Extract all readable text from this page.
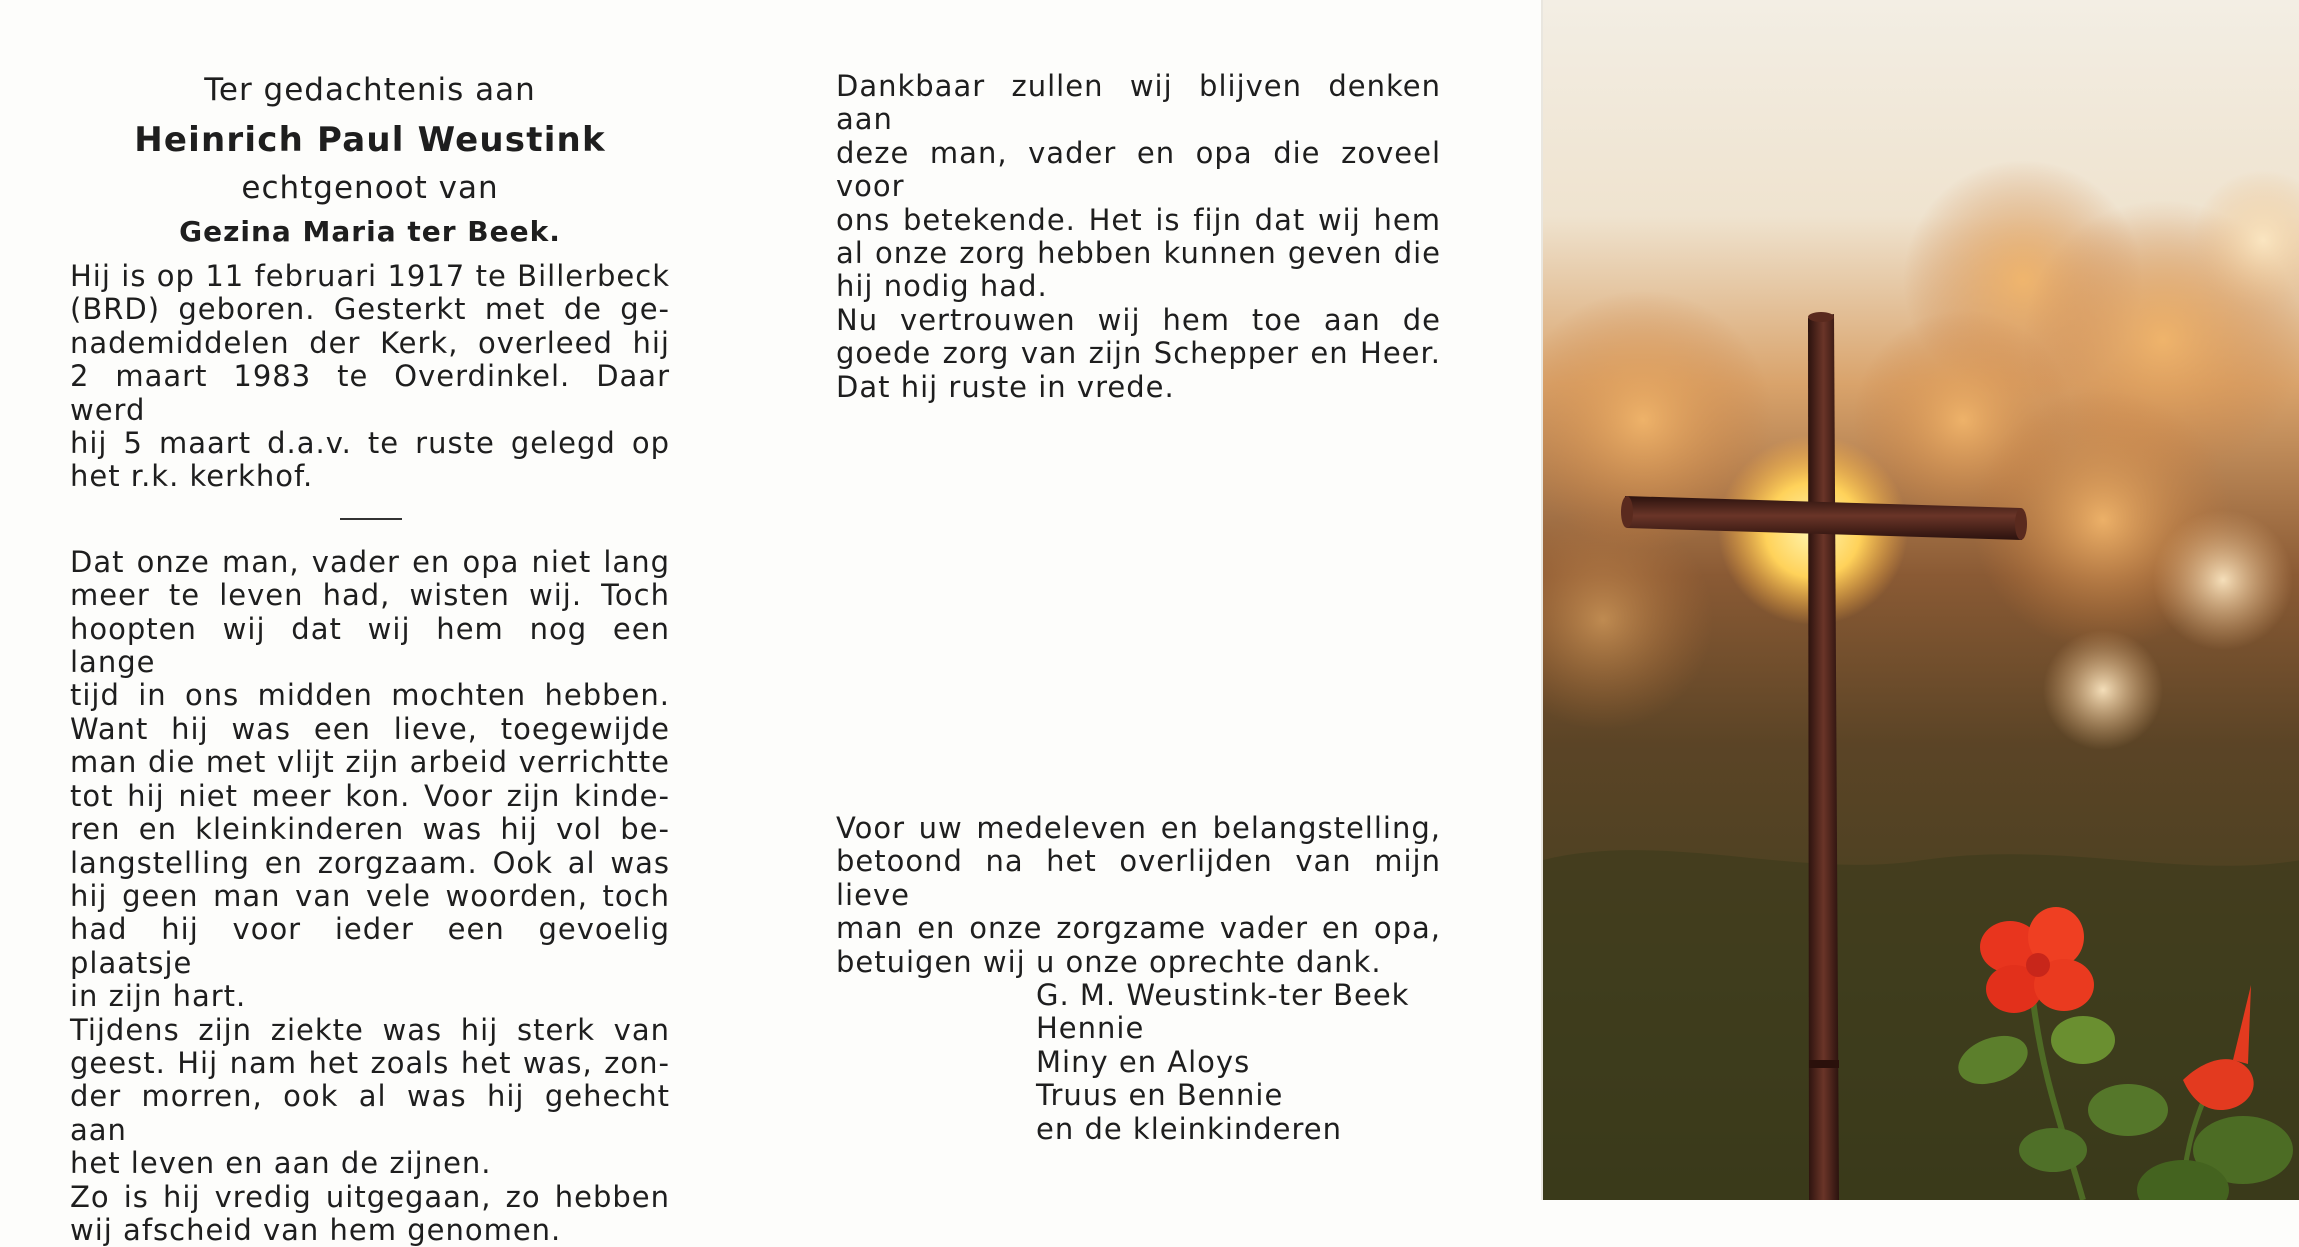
Ter gedachtenis aan
Heinrich Paul Weustink
echtgenoot van
Gezina Maria ter Beek.
Hij is op 11 februari 1917 te Billerbeck
(BRD) geboren. Gesterkt met de ge-
nademiddelen der Kerk, overleed hij
2 maart 1983 te Overdinkel. Daar werd
hij 5 maart d.a.v. te ruste gelegd op
het r.k. kerkhof.
Dat onze man, vader en opa niet lang
meer te leven had, wisten wij. Toch
hoopten wij dat wij hem nog een lange
tijd in ons midden mochten hebben.
Want hij was een lieve, toegewijde
man die met vlijt zijn arbeid verrichtte
tot hij niet meer kon. Voor zijn kinde-
ren en kleinkinderen was hij vol be-
langstelling en zorgzaam. Ook al was
hij geen man van vele woorden, toch
had hij voor ieder een gevoelig plaatsje
in zijn hart.
Tijdens zijn ziekte was hij sterk van
geest. Hij nam het zoals het was, zon-
der morren, ook al was hij gehecht aan
het leven en aan de zijnen.
Zo is hij vredig uitgegaan, zo hebben
wij afscheid van hem genomen.
Dankbaar zullen wij blijven denken aan
deze man, vader en opa die zoveel voor
ons betekende. Het is fijn dat wij hem
al onze zorg hebben kunnen geven die
hij nodig had.
Nu vertrouwen wij hem toe aan de
goede zorg van zijn Schepper en Heer.
Dat hij ruste in vrede.
Voor uw medeleven en belangstelling,
betoond na het overlijden van mijn lieve
man en onze zorgzame vader en opa,
betuigen wij u onze oprechte dank.
G. M. Weustink-ter Beek
Hennie
Miny en Aloys
Truus en Bennie
en de kleinkinderen
